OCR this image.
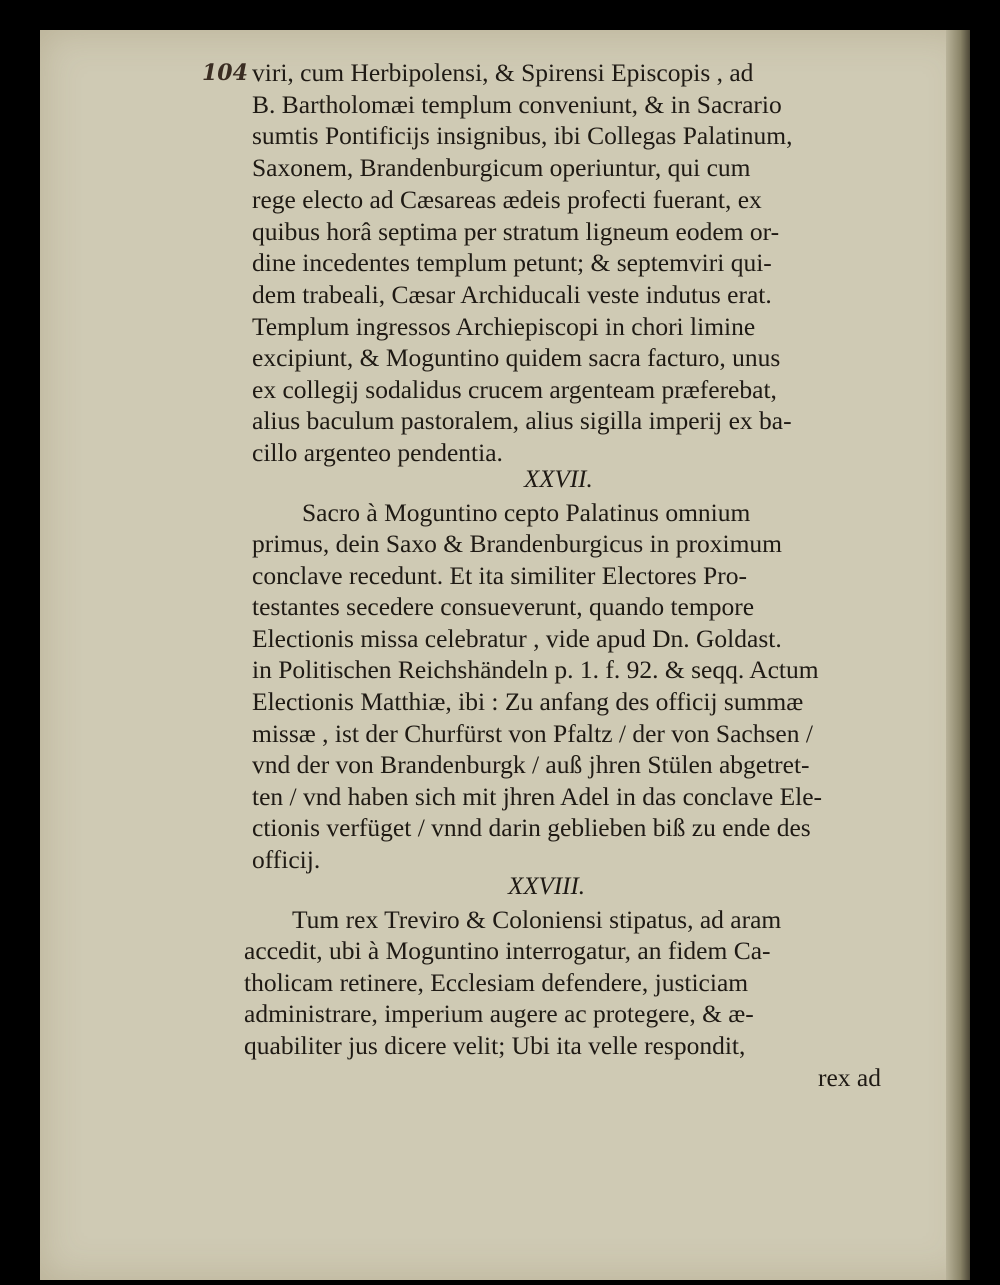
104 viri, cum Herbipolensi, & Spirensi Episcopis , ad
B. Bartholomæi templum conveniunt, & in Sacrario
sumtis Pontificijs insignibus, ibi Collegas Palatinum,
Saxonem, Brandenburgicum operiuntur, qui cum
rege electo ad Cæsareas ædeis profecti fuerant, ex
quibus horâ septima per stratum ligneum eodem or-
dine incedentes templum petunt; & septemviri qui-
dem trabeali, Cæsar Archiducali veste indutus erat.
Templum ingressos Archiepiscopi in chori limine
excipiunt, & Moguntino quidem sacra facturo, unus
ex collegij sodalidus crucem argenteam præferebat,
alius baculum pastoralem, alius sigilla imperij ex ba-
cillo argenteo pendentia.
XXVII.
Sacro à Moguntino cepto Palatinus omnium
primus, dein Saxo & Brandenburgicus in proximum
conclave recedunt. Et ita similiter Electores Pro-
testantes secedere consueverunt, quando tempore
Electionis missa celebratur , vide apud Dn. Goldast.
in Politischen Reichshändeln p. 1. f. 92. & seqq. Actum
Electionis Matthiæ, ibi : Zu anfang des officij summæ
missæ , ist der Churfürst von Pfaltz / der von Sachsen /
vnd der von Brandenburgk / auß jhren Stülen abgetret-
ten / vnd haben sich mit jhren Adel in das conclave Ele-
ctionis verfüget / vnnd darin geblieben biß zu ende des
officij.
XXVIII.
Tum rex Treviro & Coloniensi stipatus, ad aram
accedit, ubi à Moguntino interrogatur, an fidem Ca-
tholicam retinere, Ecclesiam defendere, justiciam
administrare, imperium augere ac protegere, & æ-
quabiliter jus dicere velit; Ubi ita velle respondit,
rex ad
